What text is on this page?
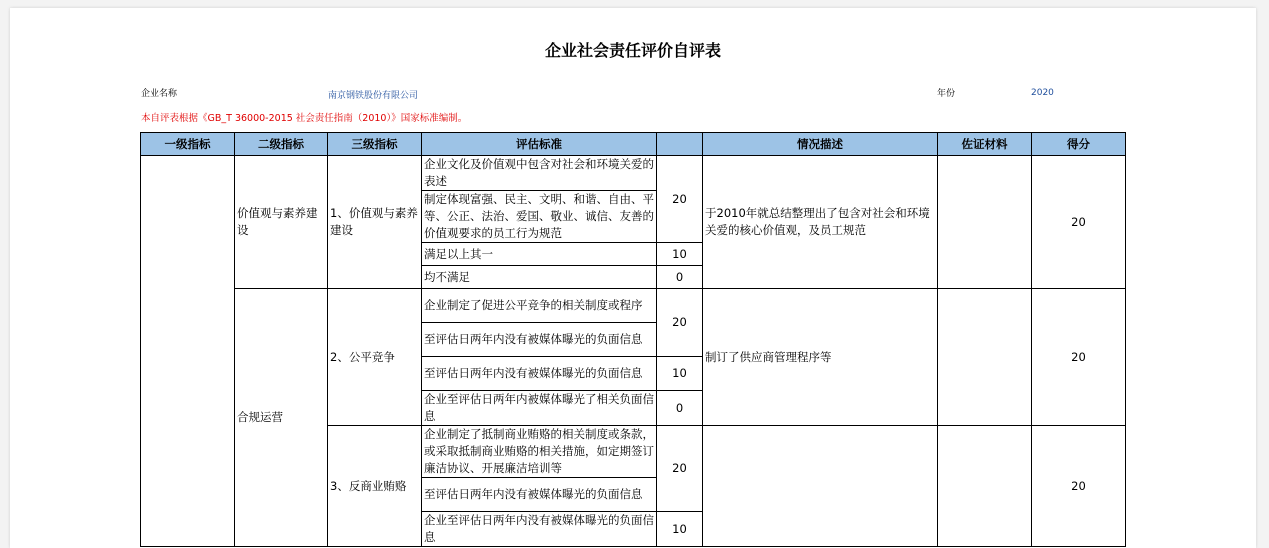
企业社会责任评价自评表
企业名称	南京钢铁股份有限公司	年份	2020
本自评表根据《GB_T 36000-2015 社会责任指南（2010）》国家标准编制。
一级指标	二级指标	三级指标	评估标准		情况描述	佐证材料	得分
	价值观与素养建设	1、价值观与素养建设	企业文化及价值观中包含对社会和环境关爱的表述	20	于2010年就总结整理出了包含对社会和环境关爱的核心价值观，及员工规范		20
			制定体现富强、民主、文明、和谐、自由、平等、公正、法治、爱国、敬业、诚信、友善的价值观要求的员工行为规范				
			满足以上其一	10			
			均不满足	0			
	合规运营	2、公平竞争	企业制定了促进公平竞争的相关制度或程序	20	制订了供应商管理程序等		20
			至评估日两年内没有被媒体曝光的负面信息				
			至评估日两年内没有被媒体曝光的负面信息	10			
			企业至评估日两年内被媒体曝光了相关负面信息	0			
		3、反商业贿赂	企业制定了抵制商业贿赂的相关制度或条款，或采取抵制商业贿赂的相关措施，如定期签订廉洁协议、开展廉洁培训等	20			20
			至评估日两年内没有被媒体曝光的负面信息				
			企业至评估日两年内没有被媒体曝光的负面信息	10			
